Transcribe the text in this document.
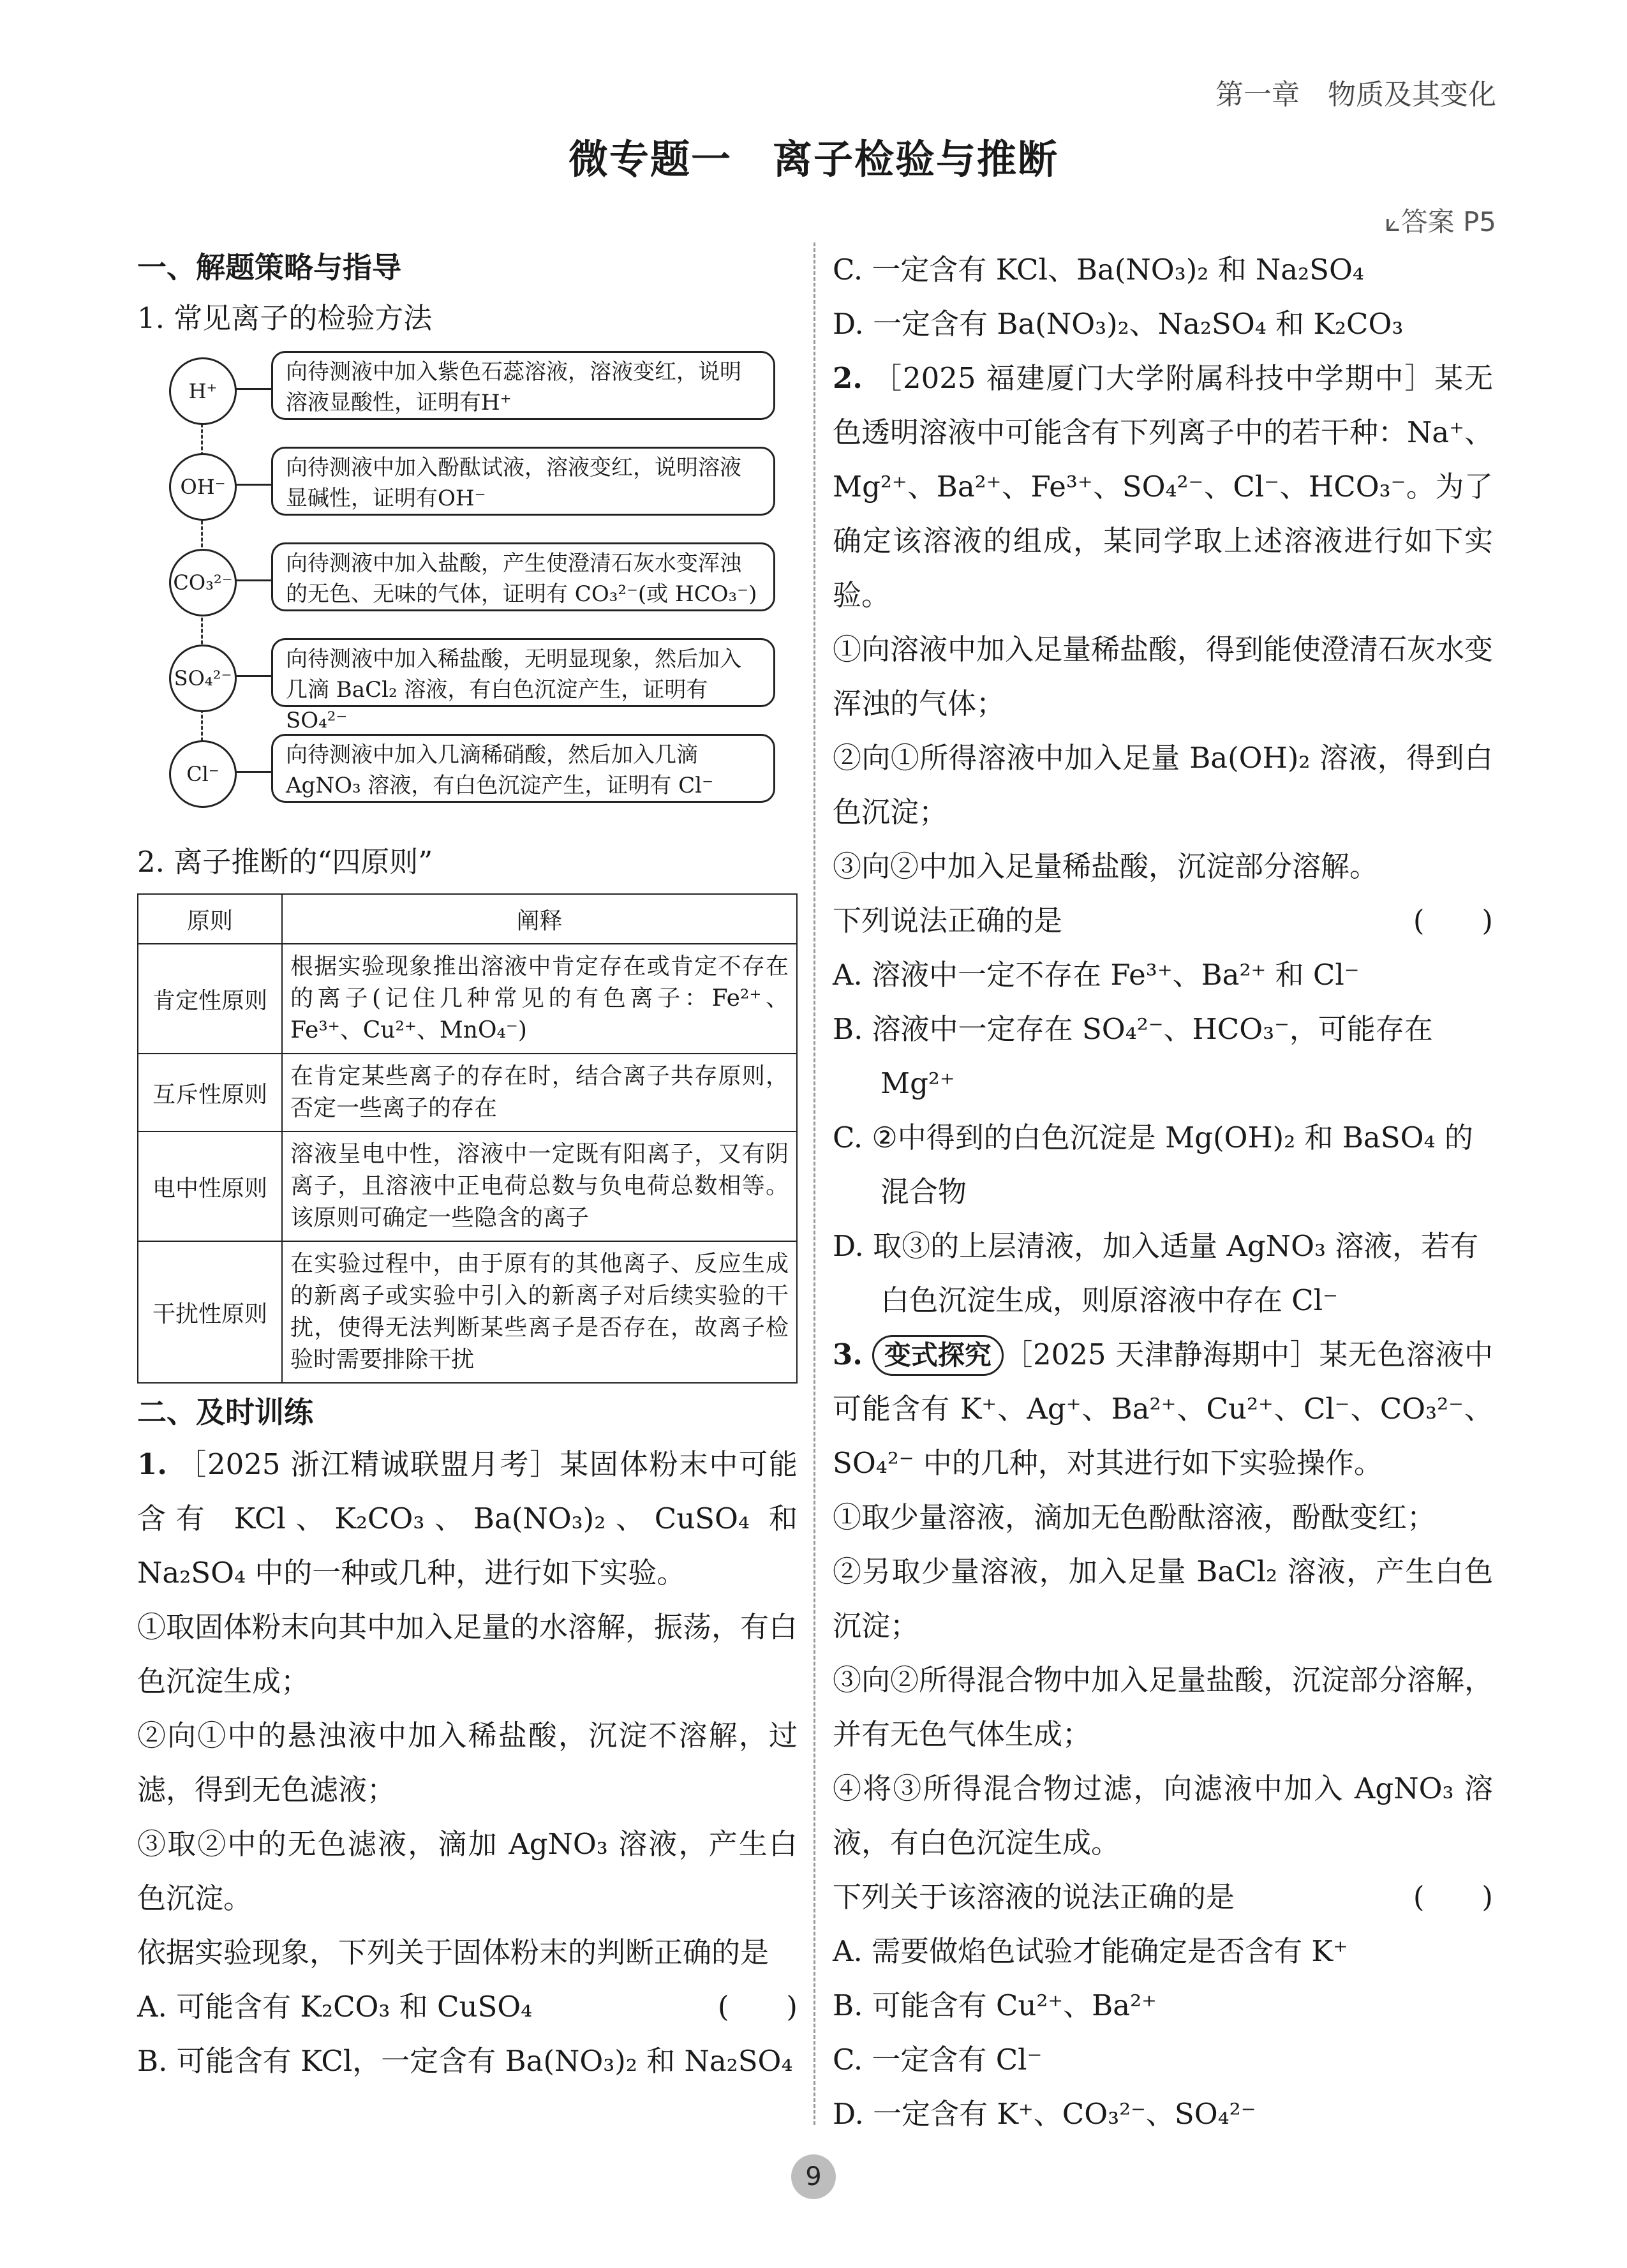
第一章　物质及其变化
微专题一　离子检验与推断
⟀答案 P5
一、解题策略与指导
1. 常见离子的检验方法
H⁺
向待测液中加入紫色石蕊溶液，溶液变红，说明溶液显酸性，证明有H⁺
OH⁻
向待测液中加入酚酞试液，溶液变红，说明溶液显碱性，证明有OH⁻
CO₃²⁻
向待测液中加入盐酸，产生使澄清石灰水变浑浊的无色、无味的气体，证明有 CO₃²⁻(或 HCO₃⁻)
SO₄²⁻
向待测液中加入稀盐酸，无明显现象，然后加入几滴 BaCl₂ 溶液，有白色沉淀产生，证明有 SO₄²⁻
Cl⁻
向待测液中加入几滴稀硝酸，然后加入几滴 AgNO₃ 溶液，有白色沉淀产生，证明有 Cl⁻
2. 离子推断的“四原则”
原则	阐释
肯定性原则	根据实验现象推出溶液中肯定存在或肯定不存在的离子(记住几种常见的有色离子：Fe²⁺、Fe³⁺、Cu²⁺、MnO₄⁻)
互斥性原则	在肯定某些离子的存在时，结合离子共存原则，否定一些离子的存在
电中性原则	溶液呈电中性，溶液中一定既有阳离子，又有阴离子，且溶液中正电荷总数与负电荷总数相等。该原则可确定一些隐含的离子
干扰性原则	在实验过程中，由于原有的其他离子、反应生成的新离子或实验中引入的新离子对后续实验的干扰，使得无法判断某些离子是否存在，故离子检验时需要排除干扰
二、及时训练
1. ［2025 浙江精诚联盟月考］某固体粉末中可能含有 KCl、K₂CO₃、Ba(NO₃)₂、CuSO₄ 和 Na₂SO₄ 中的一种或几种，进行如下实验。
①取固体粉末向其中加入足量的水溶解，振荡，有白色沉淀生成；
②向①中的悬浊液中加入稀盐酸，沉淀不溶解，过滤，得到无色滤液；
③取②中的无色滤液，滴加 AgNO₃ 溶液，产生白色沉淀。
依据实验现象，下列关于固体粉末的判断正确的是
(　　)
A. 可能含有 K₂CO₃ 和 CuSO₄
B. 可能含有 KCl，一定含有 Ba(NO₃)₂ 和 Na₂SO₄
C. 一定含有 KCl、Ba(NO₃)₂ 和 Na₂SO₄
D. 一定含有 Ba(NO₃)₂、Na₂SO₄ 和 K₂CO₃
2. ［2025 福建厦门大学附属科技中学期中］某无色透明溶液中可能含有下列离子中的若干种：Na⁺、Mg²⁺、Ba²⁺、Fe³⁺、SO₄²⁻、Cl⁻、HCO₃⁻。为了确定该溶液的组成，某同学取上述溶液进行如下实验。
①向溶液中加入足量稀盐酸，得到能使澄清石灰水变浑浊的气体；
②向①所得溶液中加入足量 Ba(OH)₂ 溶液，得到白色沉淀；
③向②中加入足量稀盐酸，沉淀部分溶解。
下列说法正确的是	(　　)
A. 溶液中一定不存在 Fe³⁺、Ba²⁺ 和 Cl⁻
B. 溶液中一定存在 SO₄²⁻、HCO₃⁻，可能存在 Mg²⁺
C. ②中得到的白色沉淀是 Mg(OH)₂ 和 BaSO₄ 的混合物
D. 取③的上层清液，加入适量 AgNO₃ 溶液，若有白色沉淀生成，则原溶液中存在 Cl⁻
3. 变式探究 ［2025 天津静海期中］某无色溶液中可能含有 K⁺、Ag⁺、Ba²⁺、Cu²⁺、Cl⁻、CO₃²⁻、SO₄²⁻ 中的几种，对其进行如下实验操作。
①取少量溶液，滴加无色酚酞溶液，酚酞变红；
②另取少量溶液，加入足量 BaCl₂ 溶液，产生白色沉淀；
③向②所得混合物中加入足量盐酸，沉淀部分溶解，并有无色气体生成；
④将③所得混合物过滤，向滤液中加入 AgNO₃ 溶液，有白色沉淀生成。
下列关于该溶液的说法正确的是	(　　)
A. 需要做焰色试验才能确定是否含有 K⁺
B. 可能含有 Cu²⁺、Ba²⁺
C. 一定含有 Cl⁻
D. 一定含有 K⁺、CO₃²⁻、SO₄²⁻
9
